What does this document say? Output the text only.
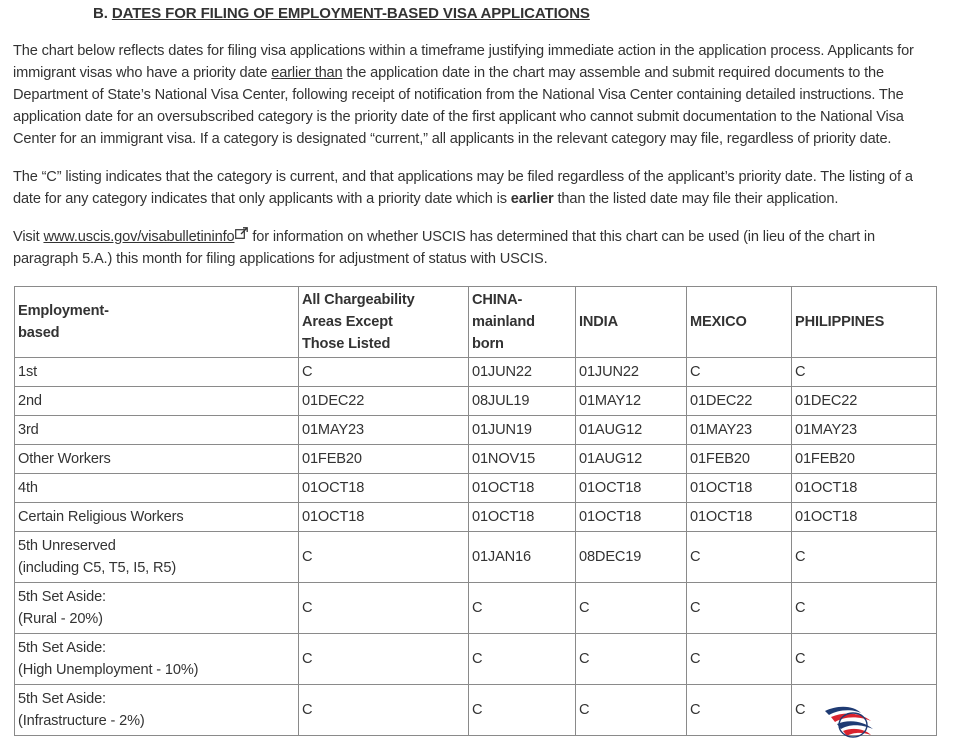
B. DATES FOR FILING OF EMPLOYMENT-BASED VISA APPLICATIONS

The chart below reflects dates for filing visa applications within a timeframe justifying immediate action in the application process. Applicants for immigrant visas who have a priority date earlier than the application date in the chart may assemble and submit required documents to the Department of State’s National Visa Center, following receipt of notification from the National Visa Center containing detailed instructions. The application date for an oversubscribed category is the priority date of the first applicant who cannot submit documentation to the National Visa Center for an immigrant visa. If a category is designated “current,” all applicants in the relevant category may file, regardless of priority date.

The “C” listing indicates that the category is current, and that applications may be filed regardless of the applicant’s priority date. The listing of a date for any category indicates that only applicants with a priority date which is earlier than the listed date may file their application.

Visit www.uscis.gov/visabulletininfo for information on whether USCIS has determined that this chart can be used (in lieu of the chart in paragraph 5.A.) this month for filing applications for adjustment of status with USCIS.

Employment-
based	All Chargeability
Areas Except
Those Listed	CHINA-
mainland
born	INDIA	MEXICO	PHILIPPINES

1st	C	01JUN22	01JUN22	C	C

2nd	01DEC22	08JUL19	01MAY12	01DEC22	01DEC22

3rd	01MAY23	01JUN19	01AUG12	01MAY23	01MAY23

Other Workers	01FEB20	01NOV15	01AUG12	01FEB20	01FEB20

4th	01OCT18	01OCT18	01OCT18	01OCT18	01OCT18

Certain Religious Workers	01OCT18	01OCT18	01OCT18	01OCT18	01OCT18

5th Unreserved
(including C5, T5, I5, R5)	C	01JAN16	08DEC19	C	C

5th Set Aside:
(Rural - 20%)	C	C	C	C	C

5th Set Aside:
(High Unemployment - 10%)	C	C	C	C	C

5th Set Aside:
(Infrastructure - 2%)	C	C	C	C	C
